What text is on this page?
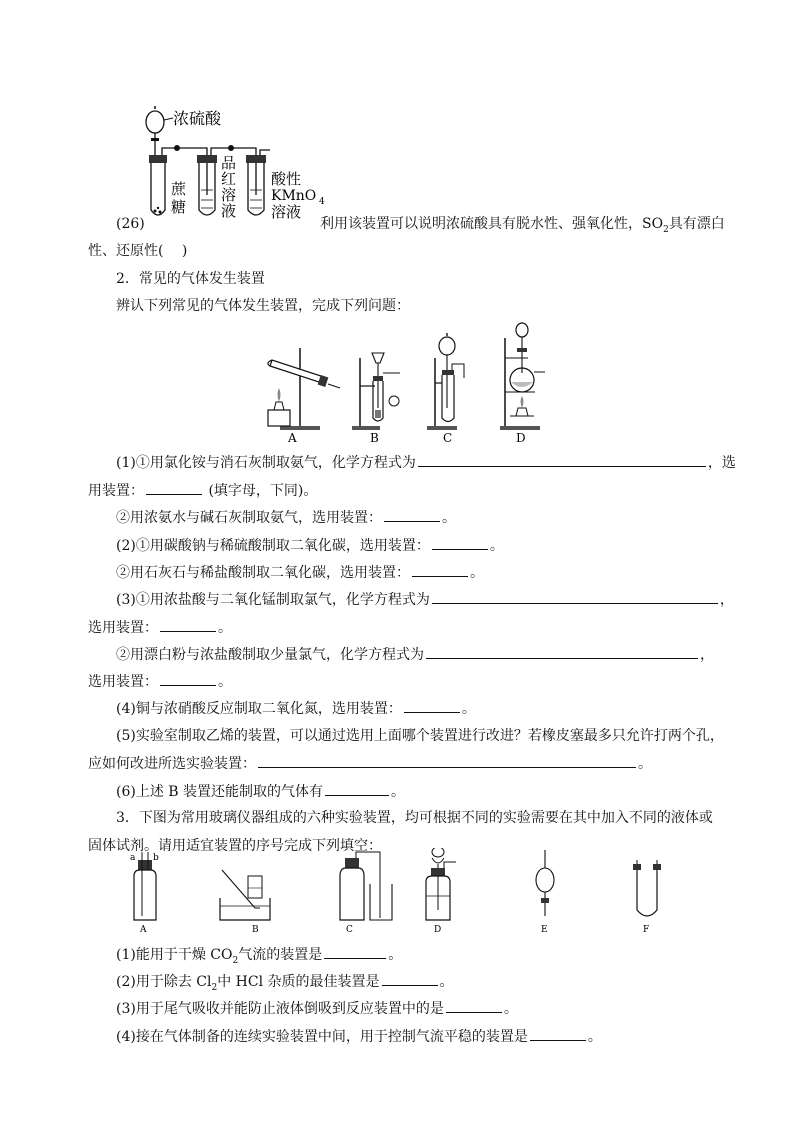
浓硫酸
蔗
糖
品
红
溶
液
酸性
KMnO 4
溶液
(26)	利用该装置可以说明浓硫酸具有脱水性、强氧化性，$SO_2$具有漂白
性、还原性(　 )
2．常见的气体发生装置
辨认下列常见的气体发生装置，完成下列问题：
A	B	C	D
(1)①用氯化铵与消石灰制取氨气，化学方程式为	，选
用装置：	(填字母，下同)。
②用浓氨水与碱石灰制取氨气，选用装置：	。
(2)①用碳酸钠与稀硫酸制取二氧化碳，选用装置：	。
②用石灰石与稀盐酸制取二氧化碳，选用装置：	。
(3)①用浓盐酸与二氧化锰制取氯气，化学方程式为	，
选用装置：	。
②用漂白粉与浓盐酸制取少量氯气，化学方程式为	，
选用装置：	。
(4)铜与浓硝酸反应制取二氧化氮，选用装置：	。
(5)实验室制取乙烯的装置，可以通过选用上面哪个装置进行改进？若橡皮塞最多只允许打两个孔，
应如何改进所选实验装置：	。
(6)上述 B 装置还能制取的气体有	。
3．下图为常用玻璃仪器组成的六种实验装置，均可根据不同的实验需要在其中加入不同的液体或
固体试剂。请用适宜装置的序号完成下列填空：
a b
A	B	C	D	E	F
(1)能用于干燥 $CO_2$气流的装置是	。
(2)用于除去 $Cl_2$中 HCl 杂质的最佳装置是	。
(3)用于尾气吸收并能防止液体倒吸到反应装置中的是	。
(4)接在气体制备的连续实验装置中间，用于控制气流平稳的装置是	。
